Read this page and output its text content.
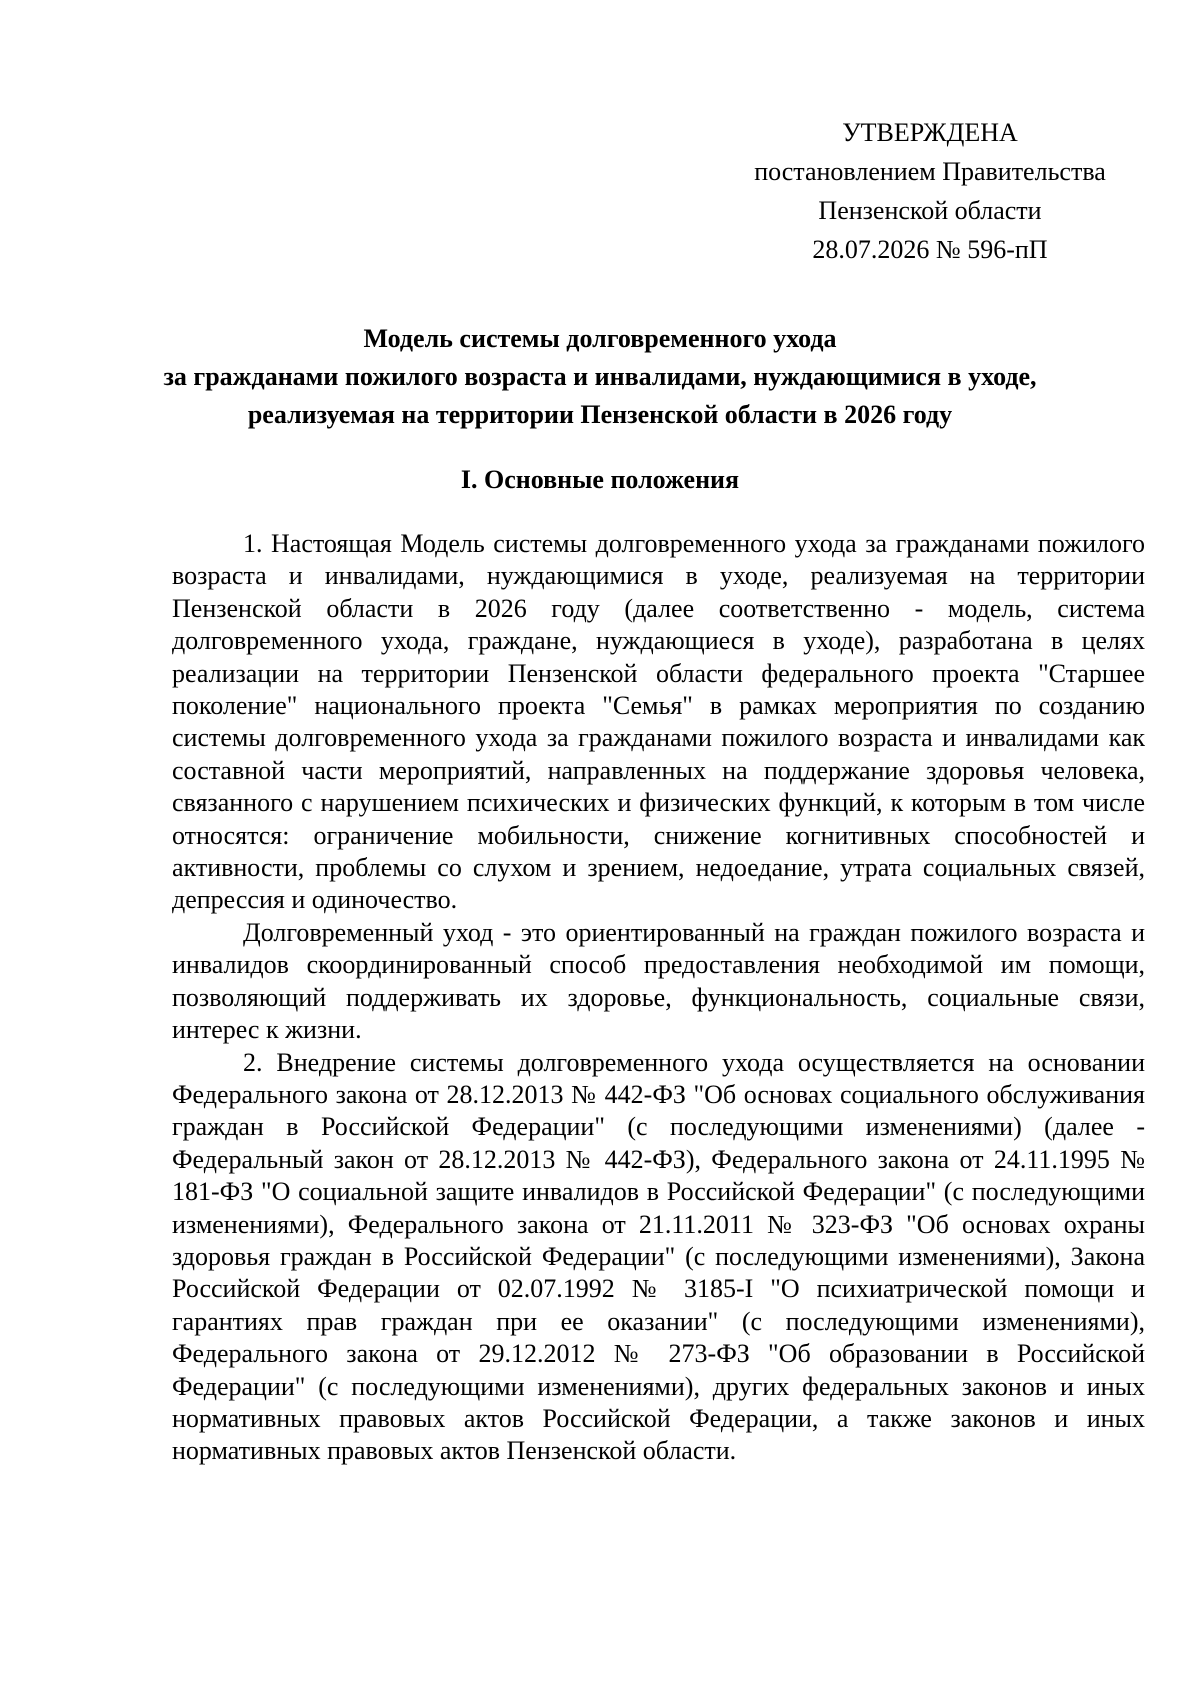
УТВЕРЖДЕНА
постановлением Правительства
Пензенской области
28.07.2026 № 596-пП
Модель системы долговременного ухода
за гражданами пожилого возраста и инвалидами, нуждающимися в уходе,
реализуемая на территории Пензенской области в 2026 году
I. Основные положения

1. Настоящая Модель системы долговременного ухода за гражданами пожилого возраста и инвалидами, нуждающимися в уходе, реализуемая на территории Пензенской области в 2026 году (далее соответственно - модель, система долговременного ухода, граждане, нуждающиеся в уходе), разработана в целях реализации на территории Пензенской области федерального проекта "Старшее поколение" национального проекта "Семья" в рамках мероприятия по созданию системы долговременного ухода за гражданами пожилого возраста и инвалидами как составной части мероприятий, направленных на поддержание здоровья человека, связанного с нарушением психических и физических функций, к которым в том числе относятся: ограничение мобильности, снижение когнитивных способностей и активности, проблемы со слухом и зрением, недоедание, утрата социальных связей, депрессия и одиночество.

Долговременный уход - это ориентированный на граждан пожилого возраста и инвалидов скоординированный способ предоставления необходимой им помощи, позволяющий поддерживать их здоровье, функциональность, социальные связи, интерес к жизни.

2. Внедрение системы долговременного ухода осуществляется на основании Федерального закона от 28.12.2013 № 442-ФЗ "Об основах социального обслуживания граждан в Российской Федерации" (с последующими изменениями) (далее - Федеральный закон от 28.12.2013 № 442-ФЗ), Федерального закона от 24.11.1995 № 181-ФЗ "О социальной защите инвалидов в Российской Федерации" (с последующими изменениями), Федерального закона от 21.11.2011 № 323-ФЗ "Об основах охраны здоровья граждан в Российской Федерации" (с последующими изменениями), Закона Российской Федерации от 02.07.1992 № 3185-I "О психиатрической помощи и гарантиях прав граждан при ее оказании" (с последующими изменениями), Федерального закона от 29.12.2012 № 273-ФЗ "Об образовании в Российской Федерации" (с последующими изменениями), других федеральных законов и иных нормативных правовых актов Российской Федерации, а также законов и иных нормативных правовых актов Пензенской области.
